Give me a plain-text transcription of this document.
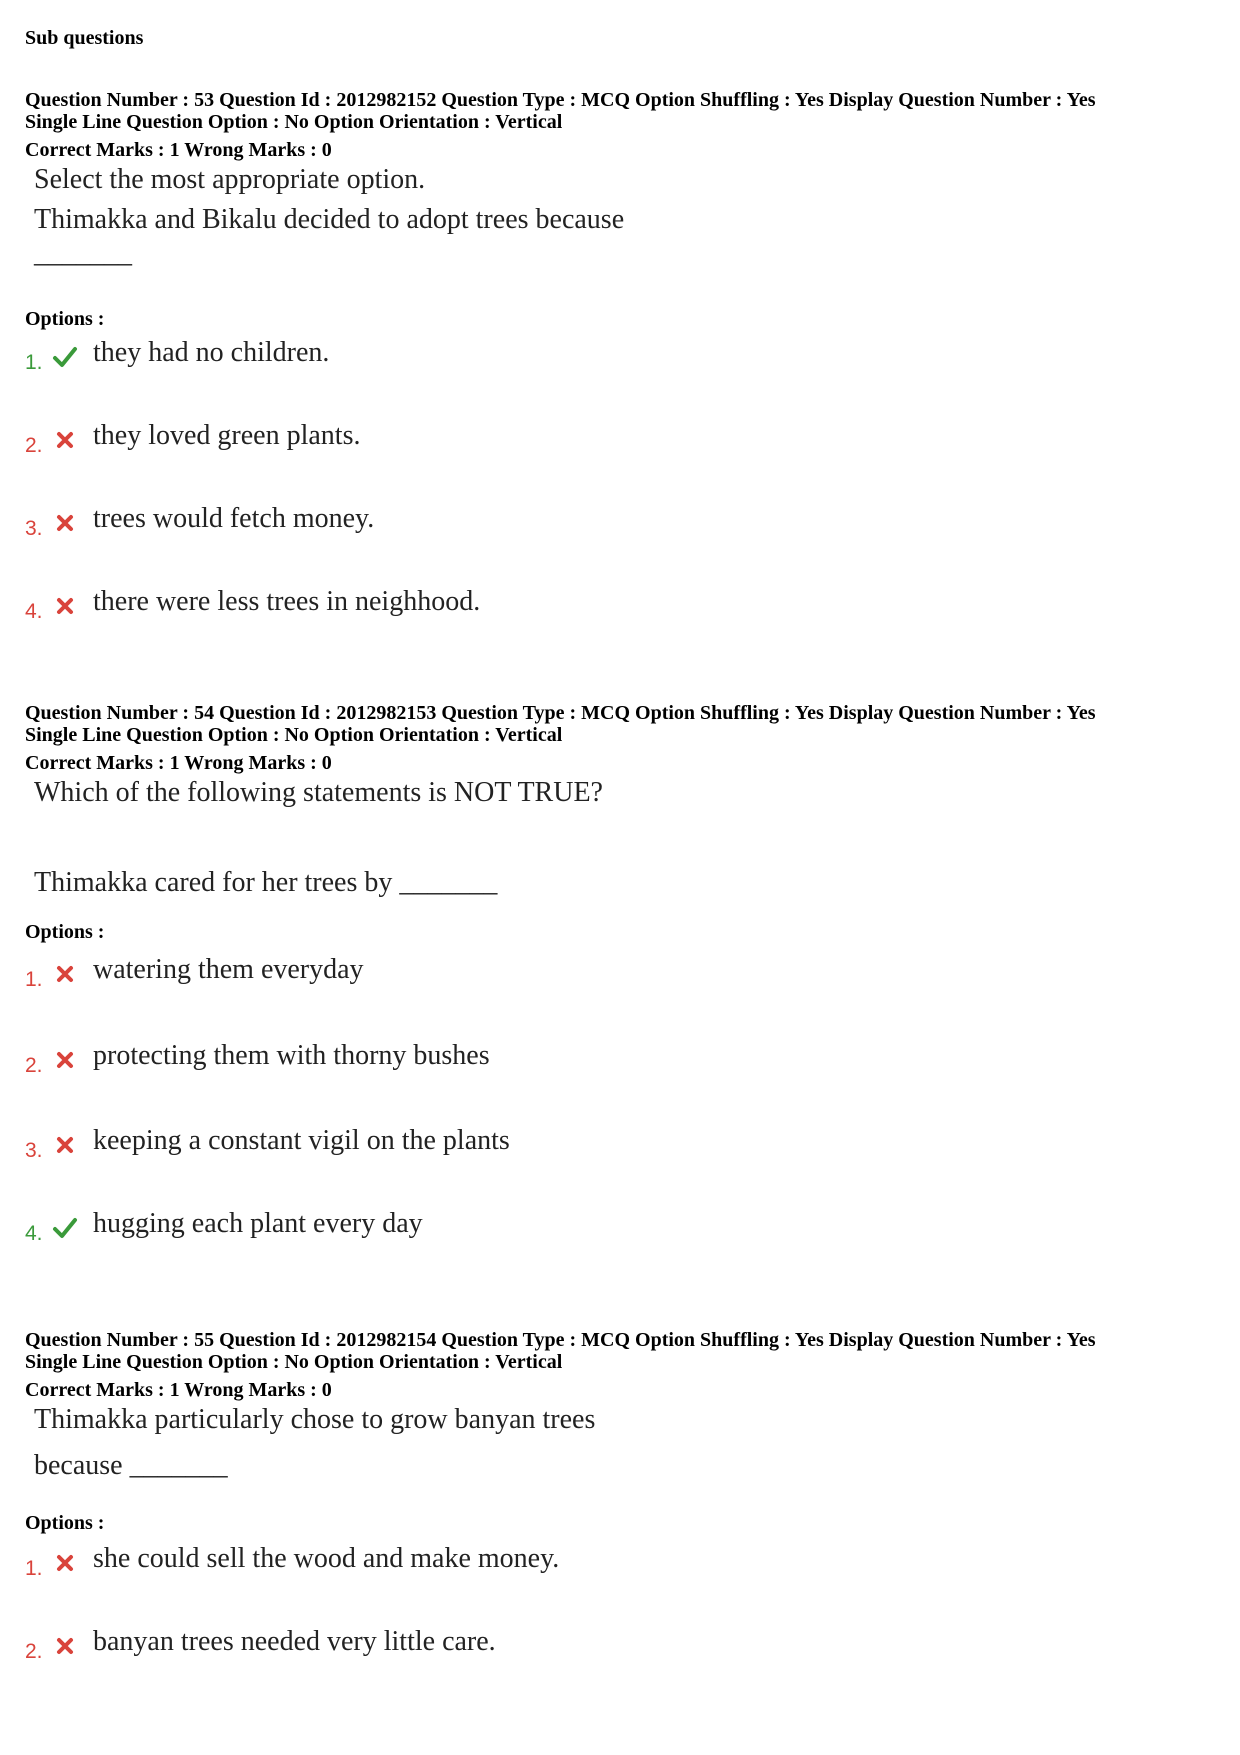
Sub questions
Question Number : 53 Question Id : 2012982152 Question Type : MCQ Option Shuffling : Yes Display Question Number : Yes
Single Line Question Option : No Option Orientation : Vertical
Correct Marks : 1 Wrong Marks : 0
Select the most appropriate option.
Thimakka and Bikalu decided to adopt trees because
_______
Options :
1. they had no children.
2. they loved green plants.
3. trees would fetch money.
4. there were less trees in neighhood.
Question Number : 54 Question Id : 2012982153 Question Type : MCQ Option Shuffling : Yes Display Question Number : Yes
Single Line Question Option : No Option Orientation : Vertical
Correct Marks : 1 Wrong Marks : 0
Which of the following statements is NOT TRUE?
Thimakka cared for her trees by _______
Options :
1. watering them everyday
2. protecting them with thorny bushes
3. keeping a constant vigil on the plants
4. hugging each plant every day
Question Number : 55 Question Id : 2012982154 Question Type : MCQ Option Shuffling : Yes Display Question Number : Yes
Single Line Question Option : No Option Orientation : Vertical
Correct Marks : 1 Wrong Marks : 0
Thimakka particularly chose to grow banyan trees
because _______
Options :
1. she could sell the wood and make money.
2. banyan trees needed very little care.
